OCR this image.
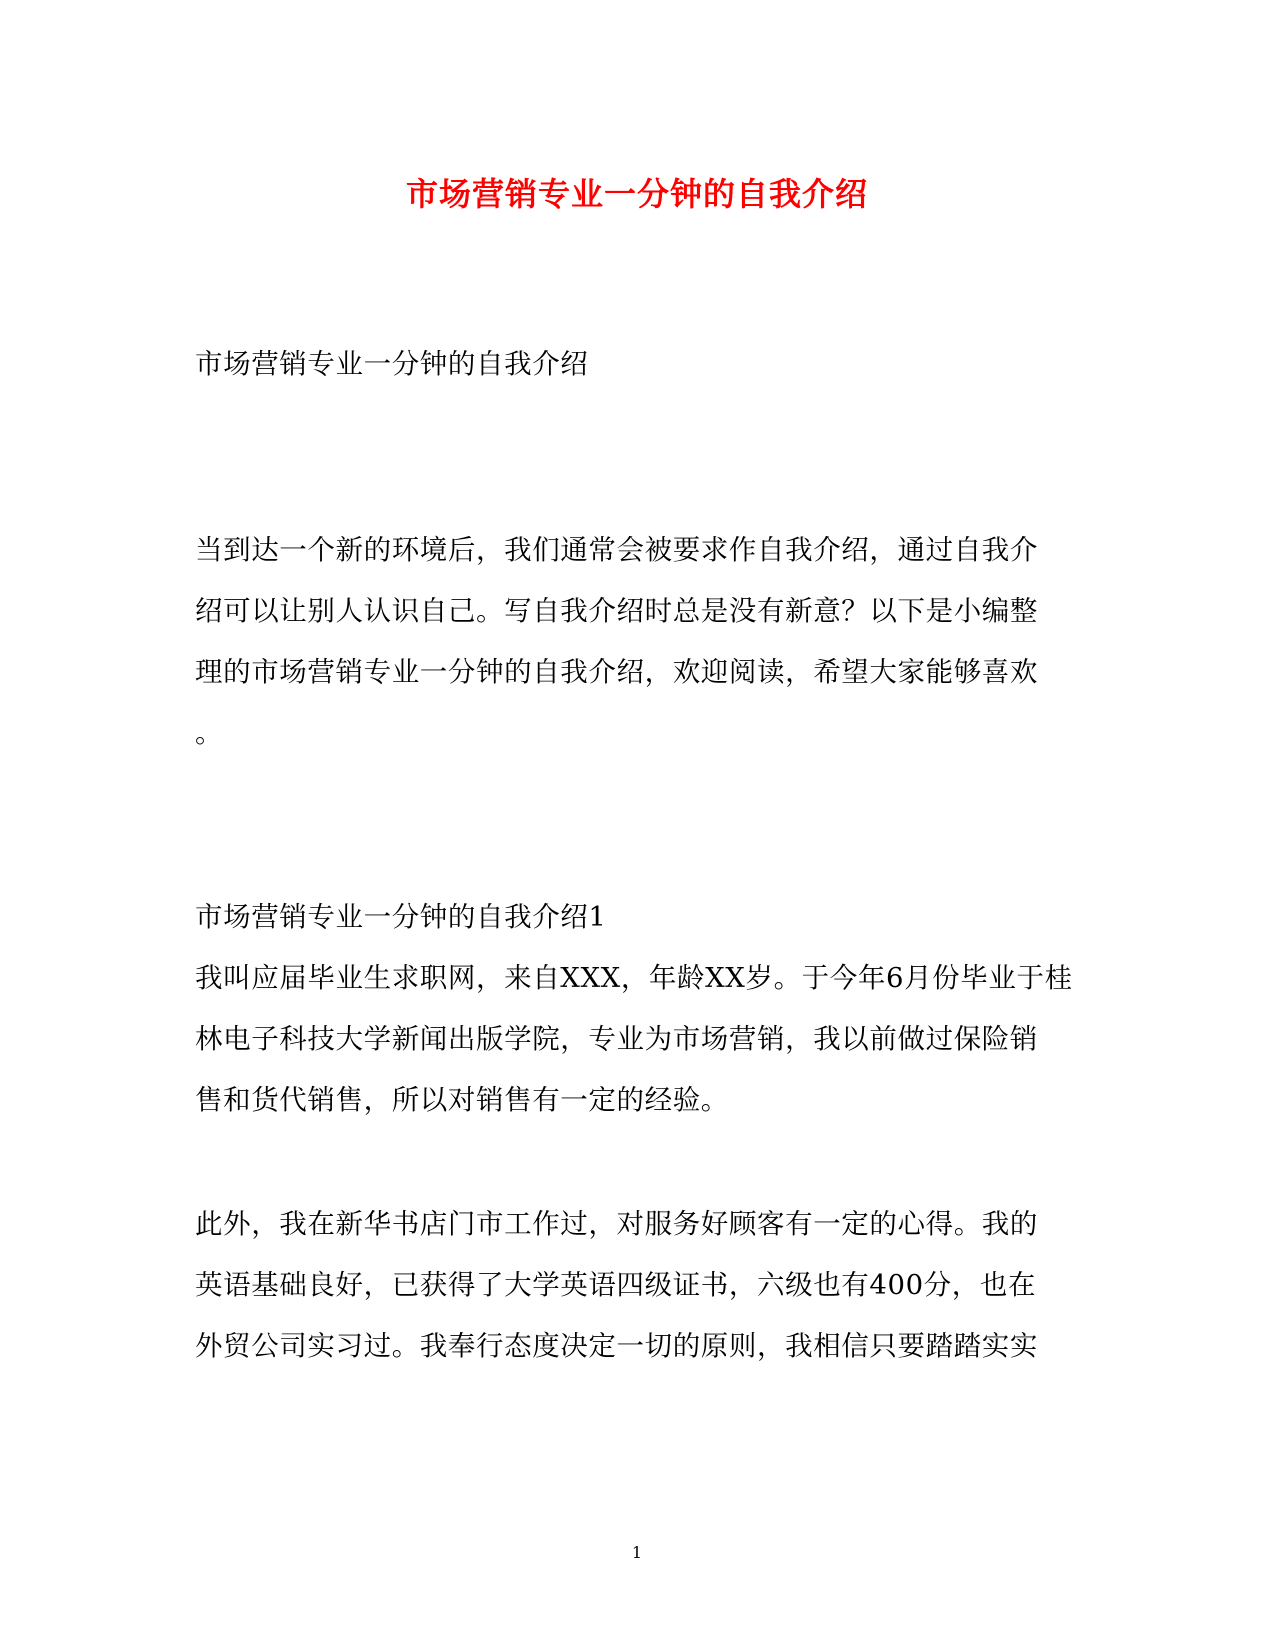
市场营销专业一分钟的自我介绍
市场营销专业一分钟的自我介绍
当到达一个新的环境后，我们通常会被要求作自我介绍，通过自我介
绍可以让别人认识自己。写自我介绍时总是没有新意？以下是小编整
理的市场营销专业一分钟的自我介绍，欢迎阅读，希望大家能够喜欢
。
市场营销专业一分钟的自我介绍1
我叫应届毕业生求职网，来自XXX，年龄XX岁。于今年6月份毕业于桂
林电子科技大学新闻出版学院，专业为市场营销，我以前做过保险销
售和货代销售，所以对销售有一定的经验。
此外，我在新华书店门市工作过，对服务好顾客有一定的心得。我的
英语基础良好，已获得了大学英语四级证书，六级也有400分，也在
外贸公司实习过。我奉行态度决定一切的原则，我相信只要踏踏实实
1
